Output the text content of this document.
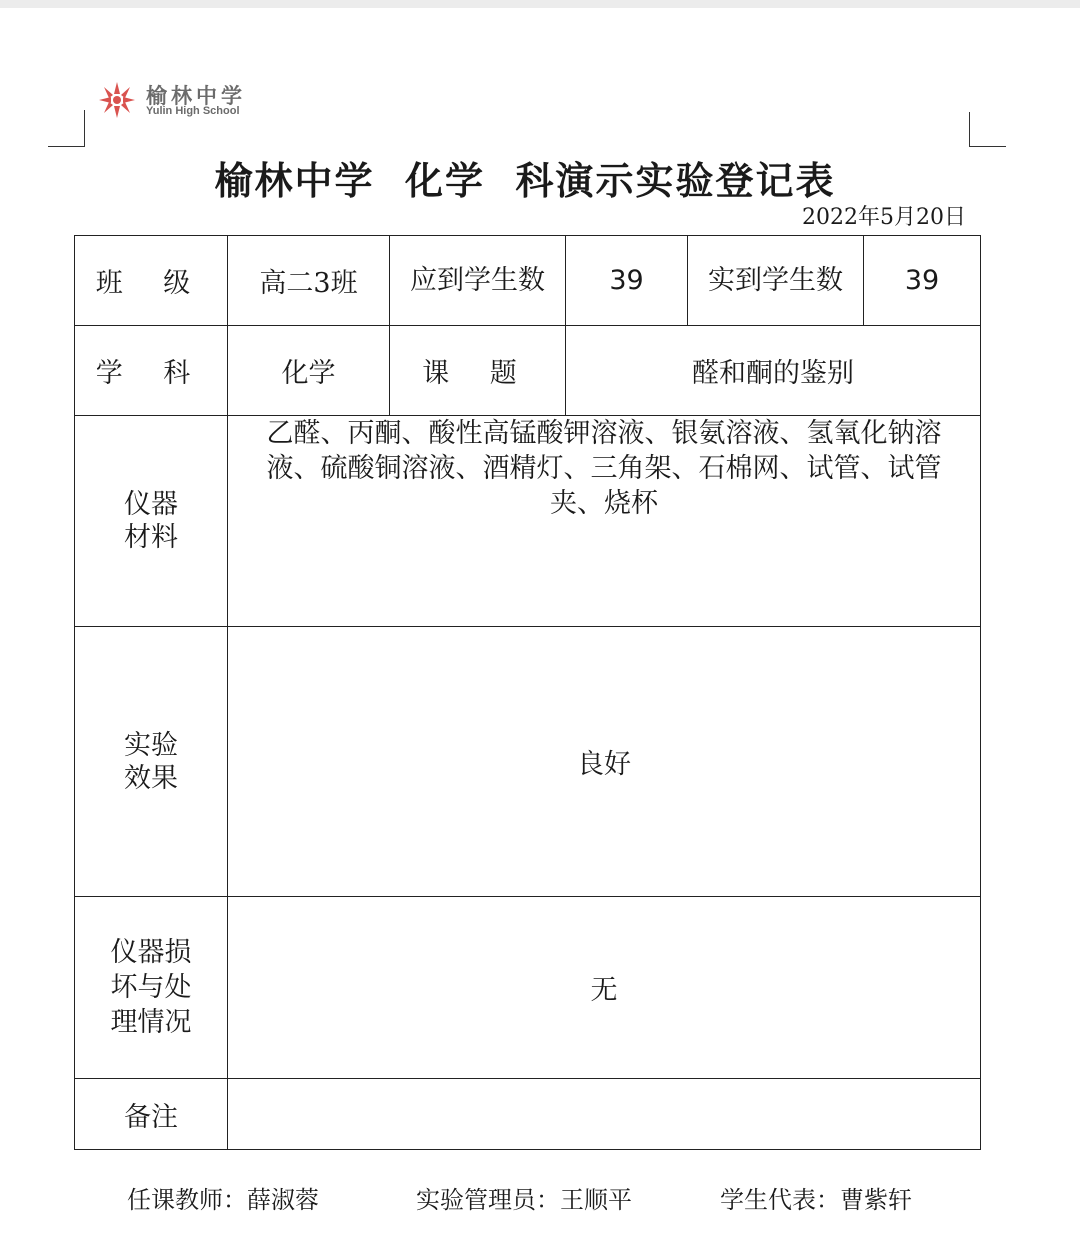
榆林中学
Yulin High School
榆林中学  化学  科演示实验登记表
2022年5月20日
班 级	高二3班	应到学生数	39	实到学生数	39
学 科	化学	课 题	醛和酮的鉴别		

仪器
材料	乙醛、丙酮、酸性高锰酸钾溶液、银氨溶液、氢氧化钠溶液、硫酸铜溶液、酒精灯、三角架、石棉网、试管、试管夹、烧杯				

实验
效果	良好				

仪器损
坏与处
理情况	无				
备注					
任课教师：薛淑蓉	实验管理员：王顺平	学生代表：曹紫轩
